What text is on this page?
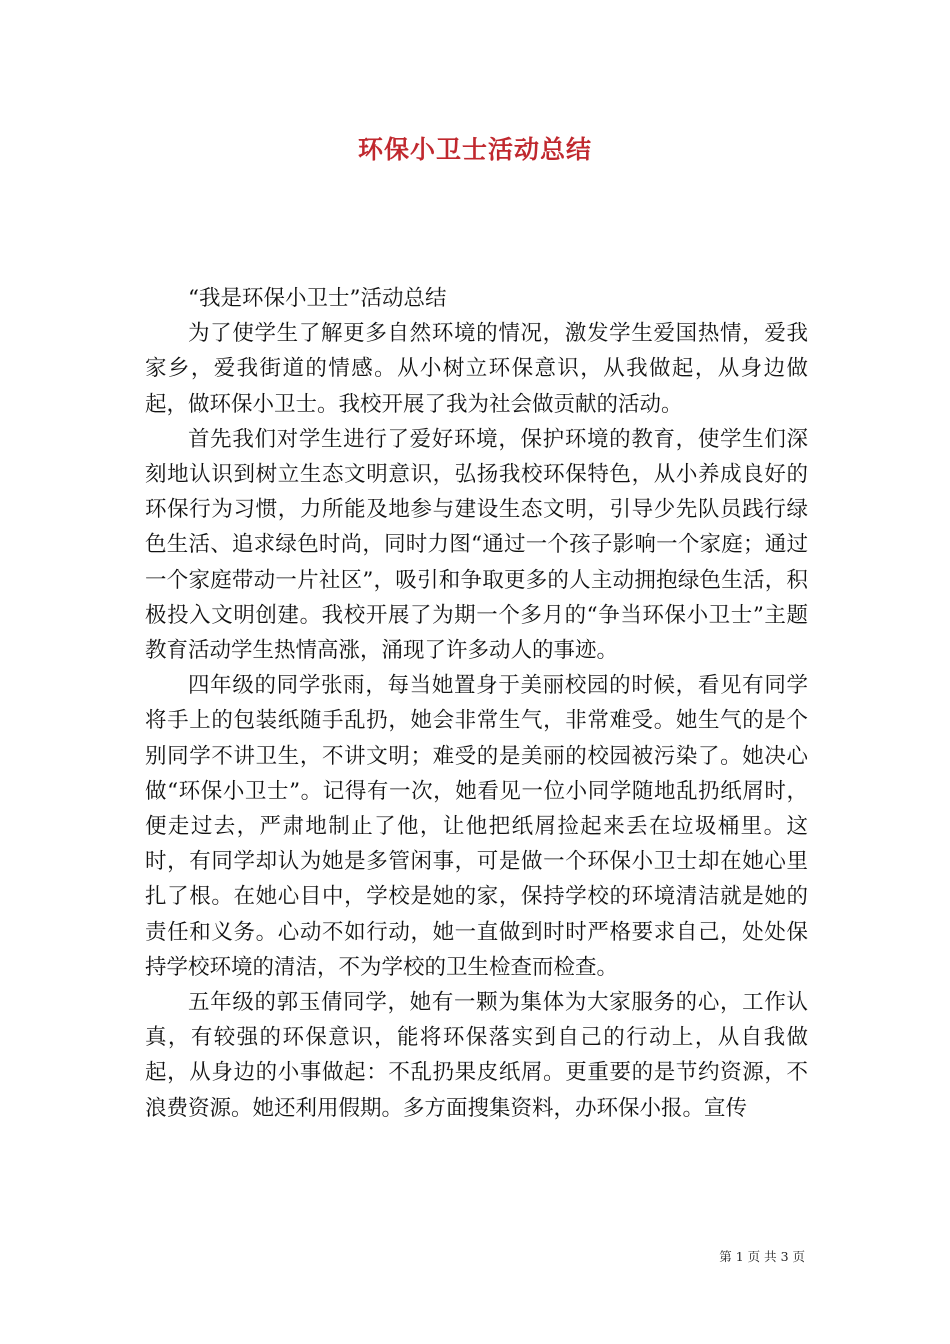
环保小卫士活动总结

“我是环保小卫士”活动总结

为了使学生了解更多自然环境的情况，激发学生爱国热情，爱我家乡，爱我街道的情感。从小树立环保意识，从我做起，从身边做起，做环保小卫士。我校开展了我为社会做贡献的活动。

首先我们对学生进行了爱好环境，保护环境的教育，使学生们深刻地认识到树立生态文明意识，弘扬我校环保特色，从小养成良好的环保行为习惯，力所能及地参与建设生态文明，引导少先队员践行绿色生活、追求绿色时尚，同时力图“通过一个孩子影响一个家庭；通过一个家庭带动一片社区”，吸引和争取更多的人主动拥抱绿色生活，积极投入文明创建。我校开展了为期一个多月的“争当环保小卫士”主题教育活动学生热情高涨，涌现了许多动人的事迹。

四年级的同学张雨，每当她置身于美丽校园的时候，看见有同学将手上的包装纸随手乱扔，她会非常生气，非常难受。她生气的是个别同学不讲卫生，不讲文明；难受的是美丽的校园被污染了。她决心做“环保小卫士”。记得有一次，她看见一位小同学随地乱扔纸屑时，便走过去，严肃地制止了他，让他把纸屑捡起来丢在垃圾桶里。这时，有同学却认为她是多管闲事，可是做一个环保小卫士却在她心里扎了根。在她心目中，学校是她的家，保持学校的环境清洁就是她的责任和义务。心动不如行动，她一直做到时时严格要求自己，处处保持学校环境的清洁，不为学校的卫生检查而检查。

五年级的郭玉倩同学，她有一颗为集体为大家服务的心，工作认真，有较强的环保意识，能将环保落实到自己的行动上，从自我做起，从身边的小事做起：不乱扔果皮纸屑。更重要的是节约资源，不浪费资源。她还利用假期。多方面搜集资料，办环保小报。宣传

第 1 页 共 3 页
